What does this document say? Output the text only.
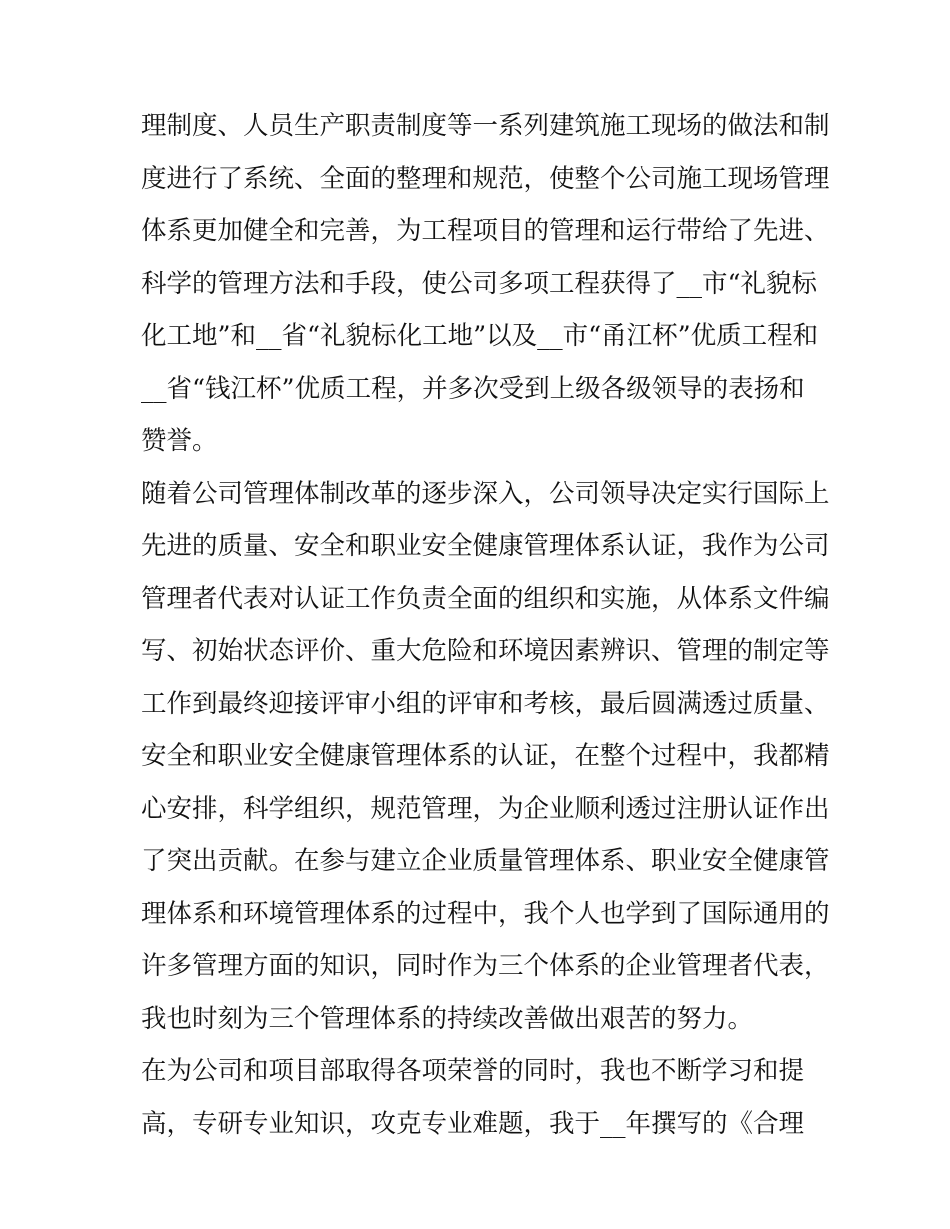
理制度、人员生产职责制度等一系列建筑施工现场的做法和制
度进行了系统、全面的整理和规范，使整个公司施工现场管理
体系更加健全和完善，为工程项目的管理和运行带给了先进、
科学的管理方法和手段，使公司多项工程获得了__市“礼貌标
化工地”和__省“礼貌标化工地”以及__市“甬江杯”优质工程和
__省“钱江杯”优质工程，并多次受到上级各级领导的表扬和
赞誉。
随着公司管理体制改革的逐步深入，公司领导决定实行国际上
先进的质量、安全和职业安全健康管理体系认证，我作为公司
管理者代表对认证工作负责全面的组织和实施，从体系文件编
写、初始状态评价、重大危险和环境因素辨识、管理的制定等
工作到最终迎接评审小组的评审和考核，最后圆满透过质量、
安全和职业安全健康管理体系的认证，在整个过程中，我都精
心安排，科学组织，规范管理，为企业顺利透过注册认证作出
了突出贡献。在参与建立企业质量管理体系、职业安全健康管
理体系和环境管理体系的过程中，我个人也学到了国际通用的
许多管理方面的知识，同时作为三个体系的企业管理者代表，
我也时刻为三个管理体系的持续改善做出艰苦的努力。
在为公司和项目部取得各项荣誉的同时，我也不断学习和提
高，专研专业知识，攻克专业难题，我于__年撰写的《合理
